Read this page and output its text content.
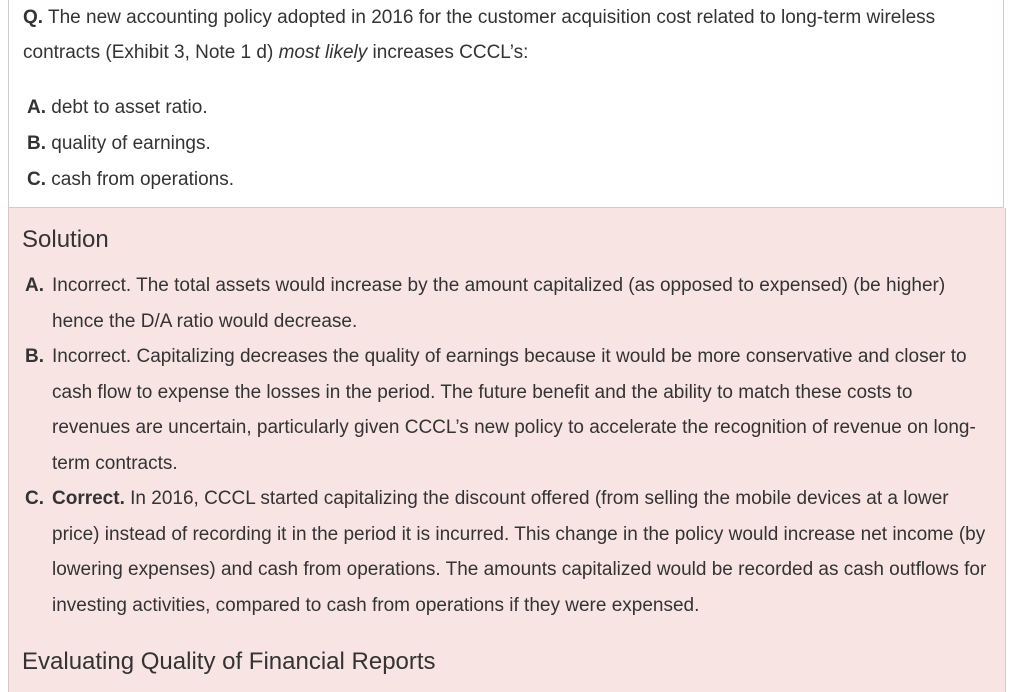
Q. The new accounting policy adopted in 2016 for the customer acquisition cost related to long-term wireless contracts (Exhibit 3, Note 1 d) most likely increases CCCL’s:
A. debt to asset ratio.
B. quality of earnings.
C. cash from operations.
Solution
A. Incorrect. The total assets would increase by the amount capitalized (as opposed to expensed) (be higher) hence the D/A ratio would decrease.
B. Incorrect. Capitalizing decreases the quality of earnings because it would be more conservative and closer to cash flow to expense the losses in the period. The future benefit and the ability to match these costs to revenues are uncertain, particularly given CCCL’s new policy to accelerate the recognition of revenue on long-term contracts.
C. Correct. In 2016, CCCL started capitalizing the discount offered (from selling the mobile devices at a lower price) instead of recording it in the period it is incurred. This change in the policy would increase net income (by lowering expenses) and cash from operations. The amounts capitalized would be recorded as cash outflows for investing activities, compared to cash from operations if they were expensed.
Evaluating Quality of Financial Reports
